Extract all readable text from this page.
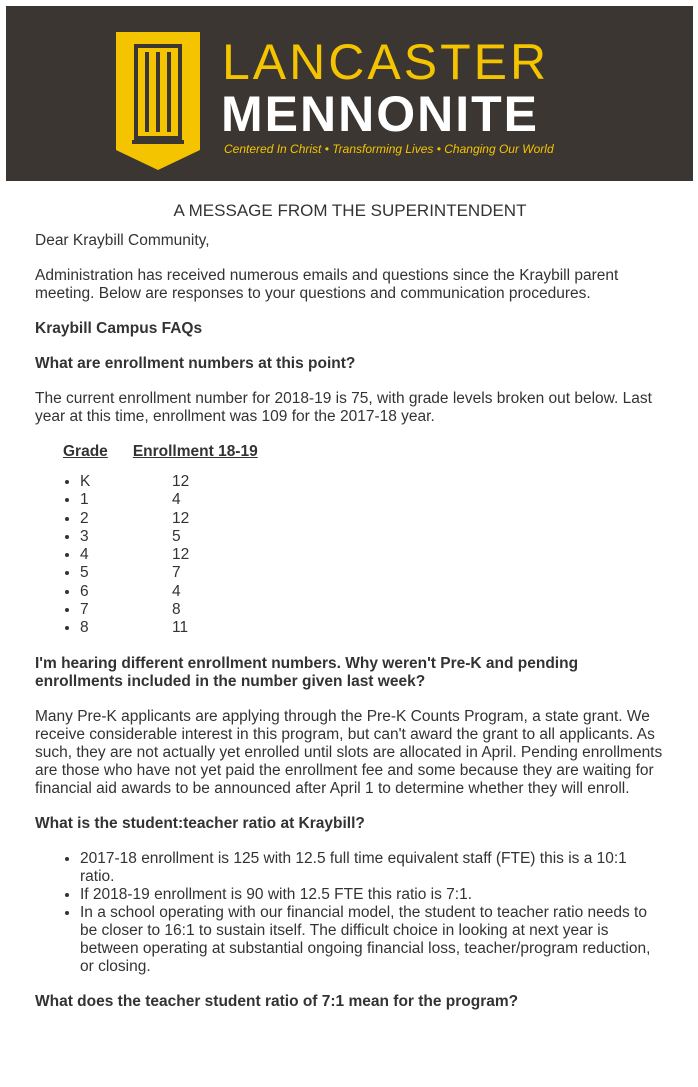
LANCASTER
MENNONITE
Centered In Christ • Transforming Lives • Changing Our World
A MESSAGE FROM THE SUPERINTENDENT

Dear Kraybill Community,

Administration has received numerous emails and questions since the Kraybill parent meeting. Below are responses to your questions and communication procedures.

Kraybill Campus FAQs
What are enrollment numbers at this point?

The current enrollment number for 2018-19 is 75, with grade levels broken out below. Last year at this time, enrollment was 109 for the 2017-18 year.

Grade Enrollment 18-19
• K	12
• 1	4
• 2	12
• 3	5
• 4	12
• 5	7
• 6	4
• 7	8
• 8	11
I'm hearing different enrollment numbers. Why weren't Pre-K and pending enrollments included in the number given last week?

Many Pre-K applicants are applying through the Pre-K Counts Program, a state grant. We receive considerable interest in this program, but can't award the grant to all applicants. As such, they are not actually yet enrolled until slots are allocated in April. Pending enrollments are those who have not yet paid the enrollment fee and some because they are waiting for financial aid awards to be announced after April 1 to determine whether they will enroll.

What is the student:teacher ratio at Kraybill?
• 2017-18 enrollment is 125 with 12.5 full time equivalent staff (FTE) this is a 10:1 ratio.
• If 2018-19 enrollment is 90 with 12.5 FTE this ratio is 7:1.
• In a school operating with our financial model, the student to teacher ratio needs to be closer to 16:1 to sustain itself. The difficult choice in looking at next year is between operating at substantial ongoing financial loss, teacher/program reduction, or closing.
What does the teacher student ratio of 7:1 mean for the program?
